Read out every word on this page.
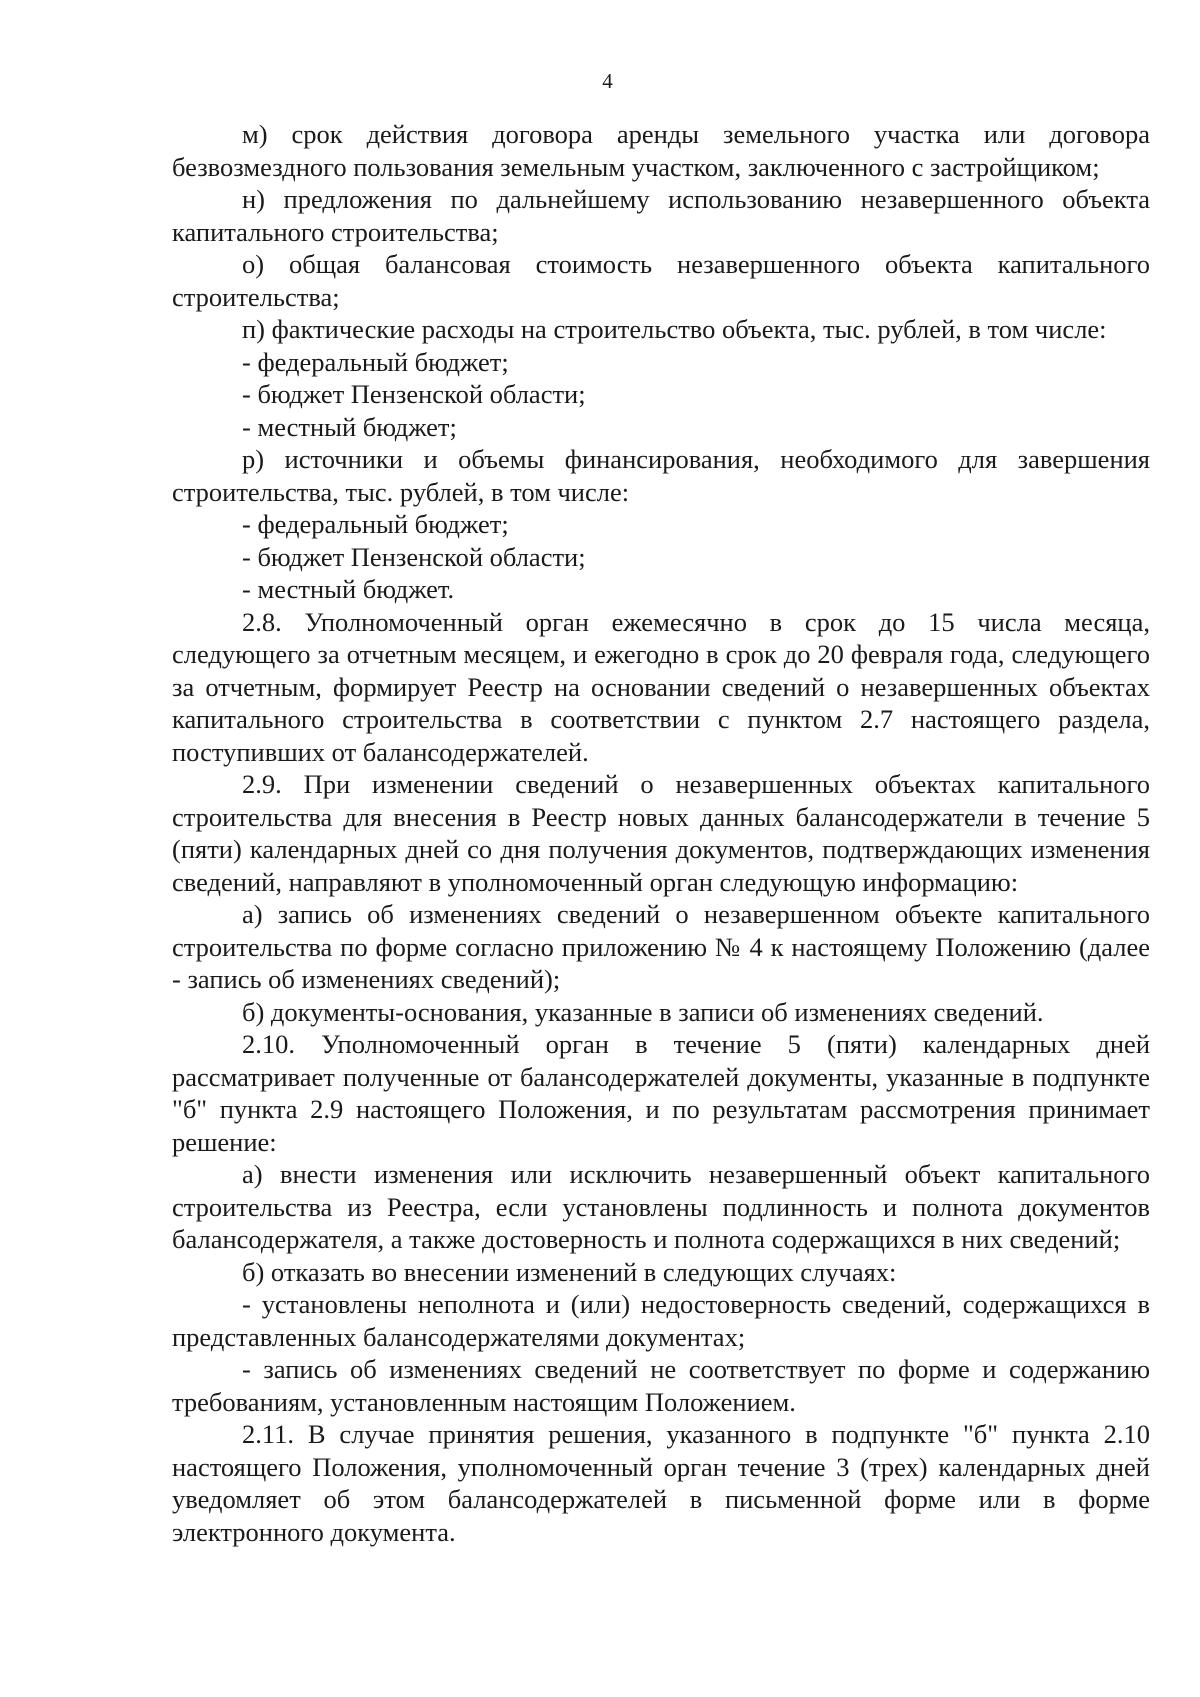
4

м) срок действия договора аренды земельного участка или договора безвозмездного пользования земельным участком, заключенного с застройщиком;

н) предложения по дальнейшему использованию незавершенного объекта капитального строительства;

о) общая балансовая стоимость незавершенного объекта капитального строительства;

п) фактические расходы на строительство объекта, тыс. рублей, в том числе:

- федеральный бюджет;

- бюджет Пензенской области;

- местный бюджет;

р) источники и объемы финансирования, необходимого для завершения строительства, тыс. рублей, в том числе:

- федеральный бюджет;

- бюджет Пензенской области;

- местный бюджет.

2.8. Уполномоченный орган ежемесячно в срок до 15 числа месяца, следующего за отчетным месяцем, и ежегодно в срок до 20 февраля года, следующего за отчетным, формирует Реестр на основании сведений о незавершенных объектах капитального строительства в соответствии с пунктом 2.7 настоящего раздела, поступивших от балансодержателей.

2.9. При изменении сведений о незавершенных объектах капитального строительства для внесения в Реестр новых данных балансодержатели в течение 5 (пяти) календарных дней со дня получения документов, подтверждающих изменения сведений, направляют в уполномоченный орган следующую информацию:

а) запись об изменениях сведений о незавершенном объекте капитального строительства по форме согласно приложению № 4 к настоящему Положению (далее - запись об изменениях сведений);

б) документы-основания, указанные в записи об изменениях сведений.

2.10. Уполномоченный орган в течение 5 (пяти) календарных дней рассматривает полученные от балансодержателей документы, указанные в подпункте "б" пункта 2.9 настоящего Положения, и по результатам рассмотрения принимает решение:

а) внести изменения или исключить незавершенный объект капитального строительства из Реестра, если установлены подлинность и полнота документов балансодержателя, а также достоверность и полнота содержащихся в них сведений;

б) отказать во внесении изменений в следующих случаях:

- установлены неполнота и (или) недостоверность сведений, содержащихся в представленных балансодержателями документах;

- запись об изменениях сведений не соответствует по форме и содержанию требованиям, установленным настоящим Положением.

2.11. В случае принятия решения, указанного в подпункте "б" пункта 2.10 настоящего Положения, уполномоченный орган течение 3 (трех) календарных дней уведомляет об этом балансодержателей в письменной форме или в форме электронного документа.
